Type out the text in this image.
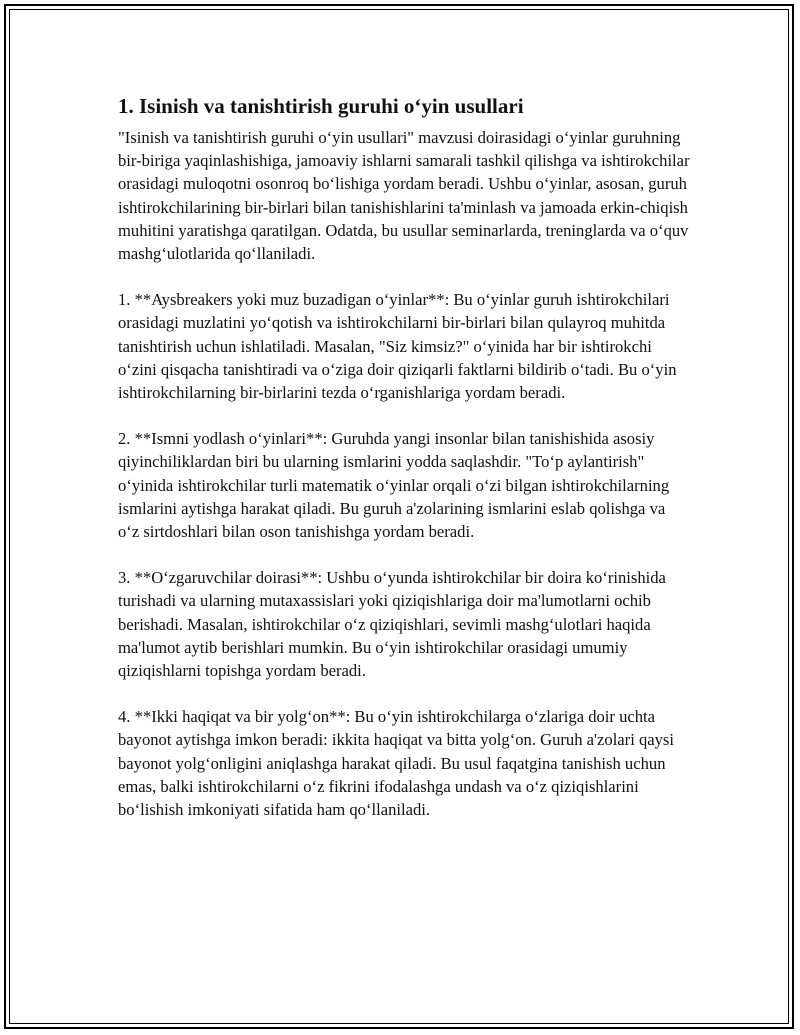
1. Isinish va tanishtirish guruhi o‘yin usullari

"Isinish va tanishtirish guruhi o‘yin usullari" mavzusi doirasidagi o‘yinlar guruhning bir-biriga yaqinlashishiga, jamoaviy ishlarni samarali tashkil qilishga va ishtirokchilar orasidagi muloqotni osonroq bo‘lishiga yordam beradi. Ushbu o‘yinlar, asosan, guruh ishtirokchilarining bir-birlari bilan tanishishlarini ta'minlash va jamoada erkin-chiqish muhitini yaratishga qaratilgan. Odatda, bu usullar seminarlarda, treninglarda va o‘quv mashg‘ulotlarida qo‘llaniladi.

1. **Aysbreakers yoki muz buzadigan o‘yinlar**: Bu o‘yinlar guruh ishtirokchilari orasidagi muzlatini yo‘qotish va ishtirokchilarni bir-birlari bilan qulayroq muhitda tanishtirish uchun ishlatiladi. Masalan, "Siz kimsiz?" o‘yinida har bir ishtirokchi o‘zini qisqacha tanishtiradi va o‘ziga doir qiziqarli faktlarni bildirib o‘tadi. Bu o‘yin ishtirokchilarning bir-birlarini tezda o‘rganishlariga yordam beradi.

2. **Ismni yodlash o‘yinlari**: Guruhda yangi insonlar bilan tanishishida asosiy qiyinchiliklardan biri bu ularning ismlarini yodda saqlashdir. "To‘p aylantirish" o‘yinida ishtirokchilar turli matematik o‘yinlar orqali o‘zi bilgan ishtirokchilarning ismlarini aytishga harakat qiladi. Bu guruh a'zolarining ismlarini eslab qolishga va o‘z sirtdoshlari bilan oson tanishishga yordam beradi.

3. **O‘zgaruvchilar doirasi**: Ushbu o‘yunda ishtirokchilar bir doira ko‘rinishida turishadi va ularning mutaxassislari yoki qiziqishlariga doir ma'lumotlarni ochib berishadi. Masalan, ishtirokchilar o‘z qiziqishlari, sevimli mashg‘ulotlari haqida ma'lumot aytib berishlari mumkin. Bu o‘yin ishtirokchilar orasidagi umumiy qiziqishlarni topishga yordam beradi.

4. **Ikki haqiqat va bir yolg‘on**: Bu o‘yin ishtirokchilarga o‘zlariga doir uchta bayonot aytishga imkon beradi: ikkita haqiqat va bitta yolg‘on. Guruh a'zolari qaysi bayonot yolg‘onligini aniqlashga harakat qiladi. Bu usul faqatgina tanishish uchun emas, balki ishtirokchilarni o‘z fikrini ifodalashga undash va o‘z qiziqishlarini bo‘lishish imkoniyati sifatida ham qo‘llaniladi.
